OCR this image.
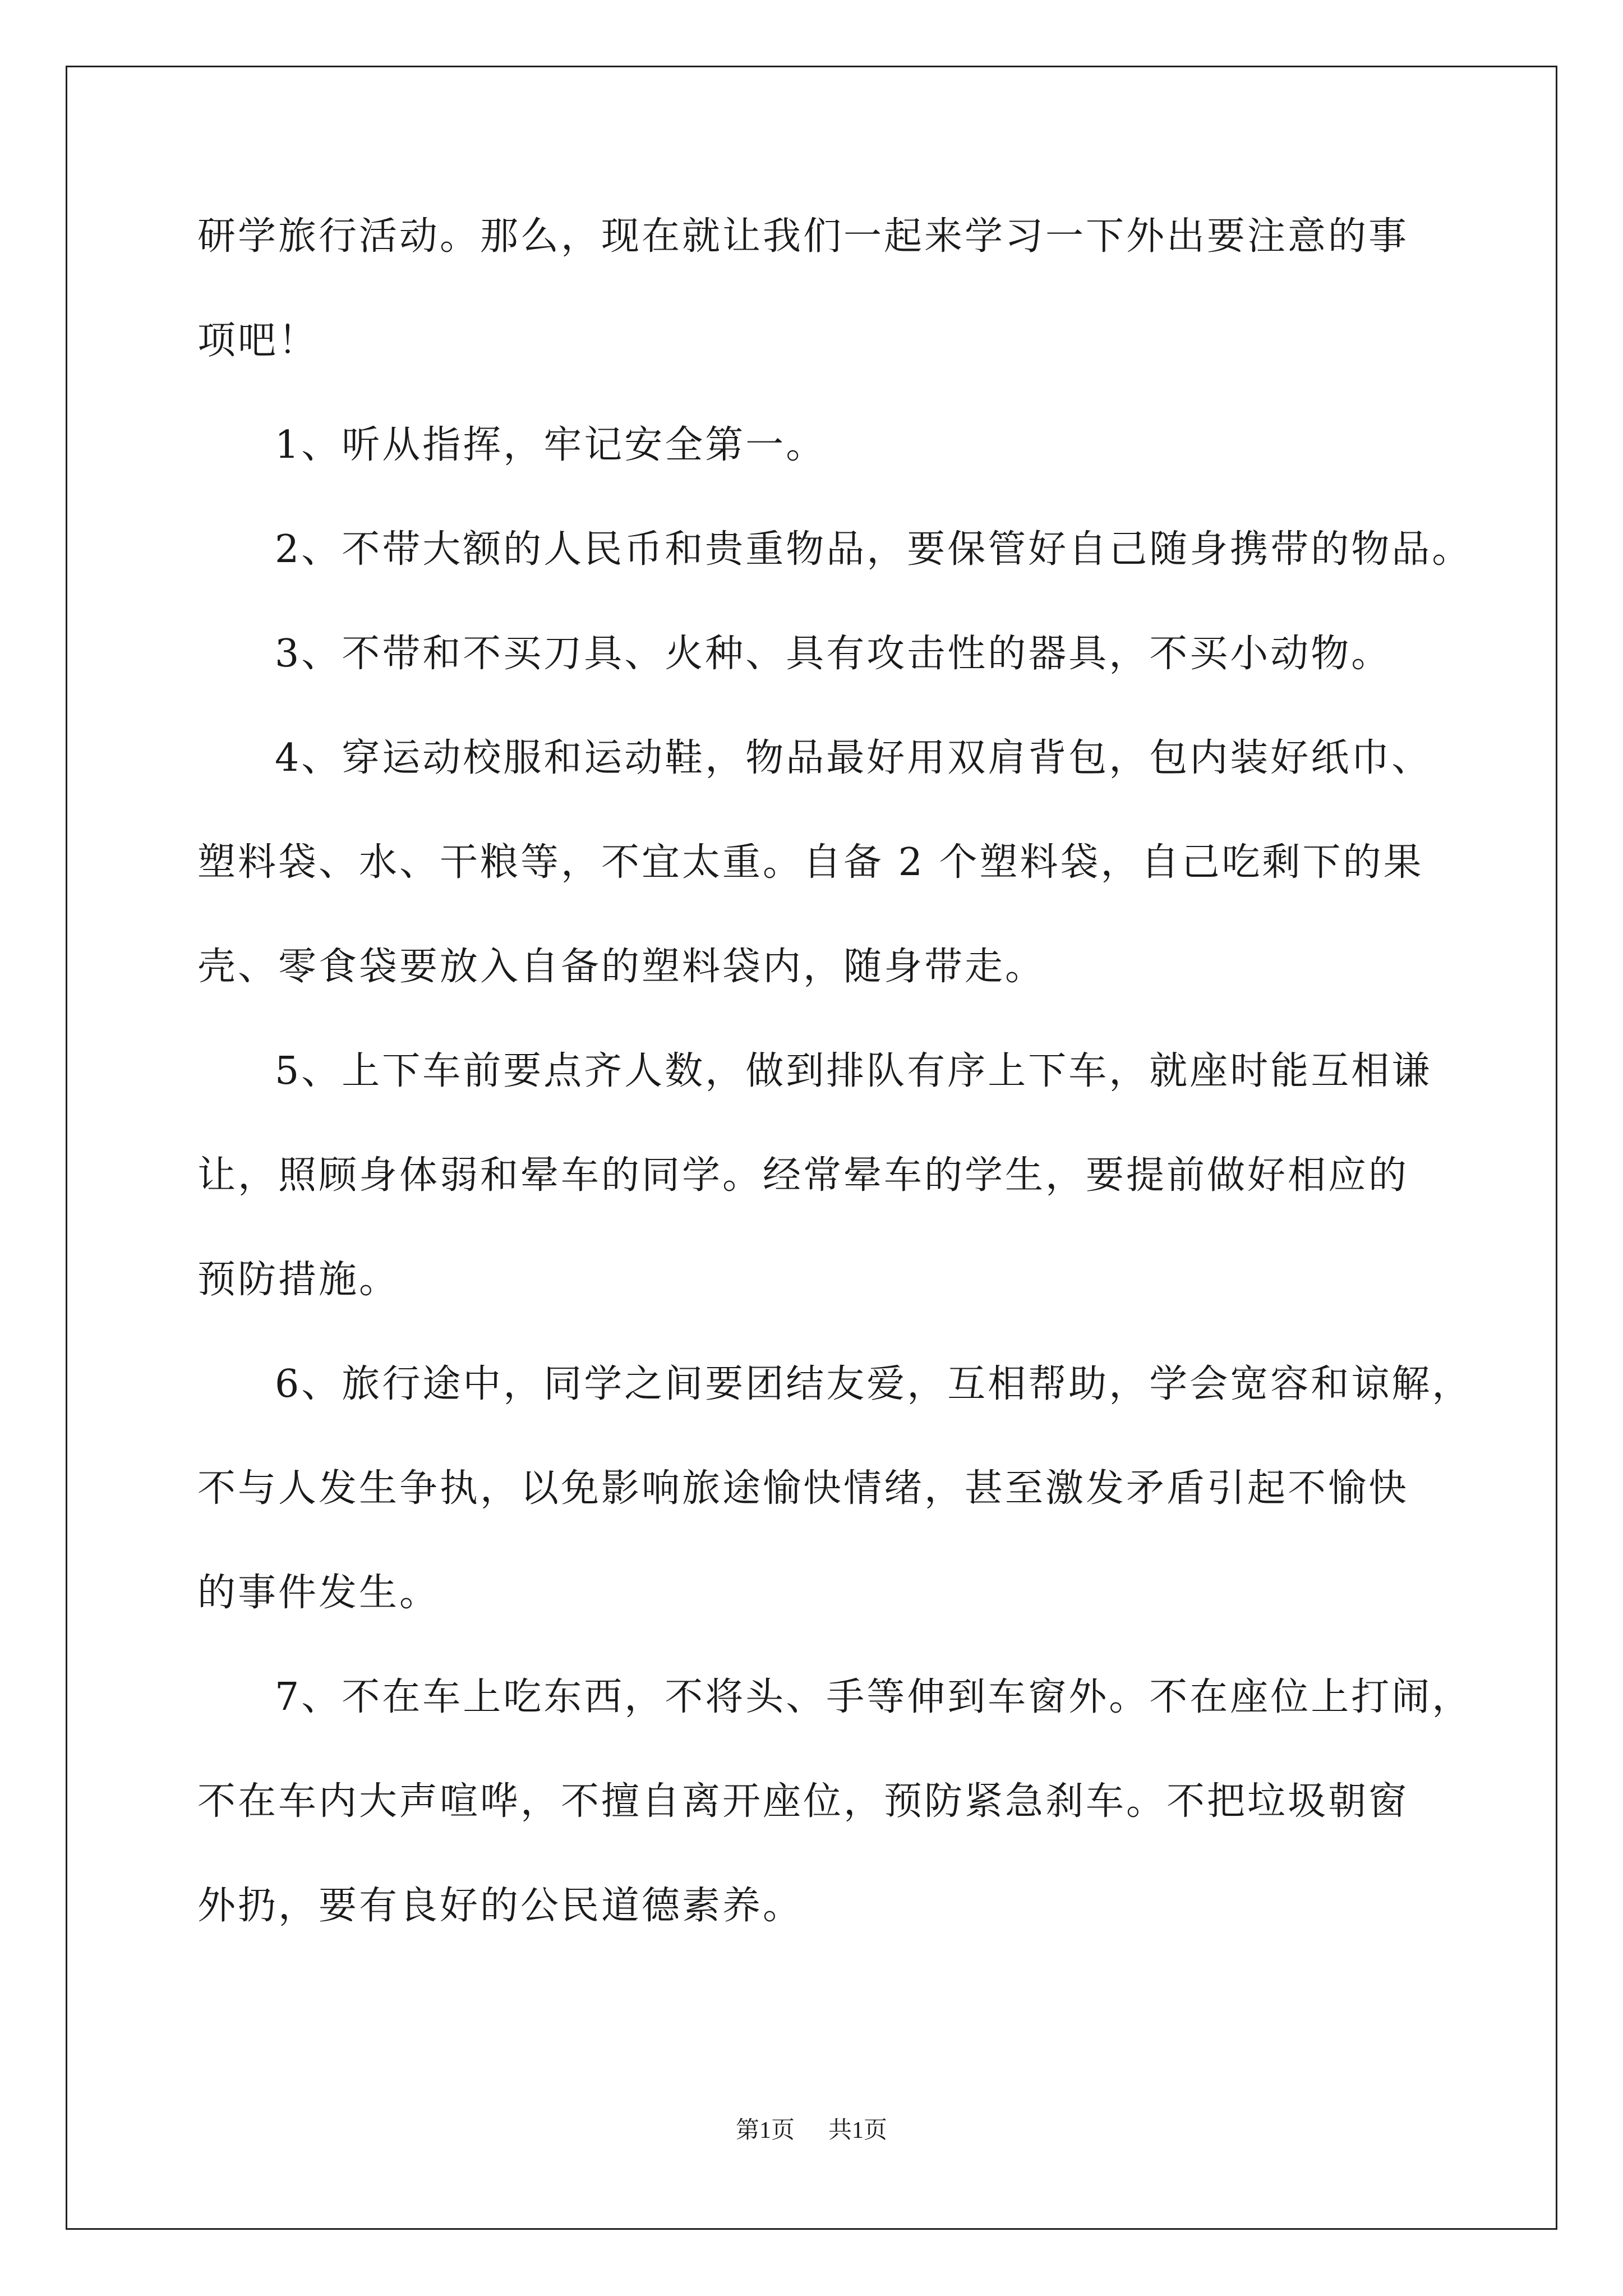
研学旅行活动。那么，现在就让我们一起来学习一下外出要注意的事
项吧！
1、听从指挥，牢记安全第一。
2、不带大额的人民币和贵重物品，要保管好自己随身携带的物品。
3、不带和不买刀具、火种、具有攻击性的器具，不买小动物。
4、穿运动校服和运动鞋，物品最好用双肩背包，包内装好纸巾、
塑料袋、水、干粮等，不宜太重。自备 2 个塑料袋，自己吃剩下的果
壳、零食袋要放入自备的塑料袋内，随身带走。
5、上下车前要点齐人数，做到排队有序上下车，就座时能互相谦
让，照顾身体弱和晕车的同学。经常晕车的学生，要提前做好相应的
预防措施。
6、旅行途中，同学之间要团结友爱，互相帮助，学会宽容和谅解，
不与人发生争执，以免影响旅途愉快情绪，甚至激发矛盾引起不愉快
的事件发生。
7、不在车上吃东西，不将头、手等伸到车窗外。不在座位上打闹，
不在车内大声喧哗，不擅自离开座位，预防紧急刹车。不把垃圾朝窗
外扔，要有良好的公民道德素养。
第1页 共1页
